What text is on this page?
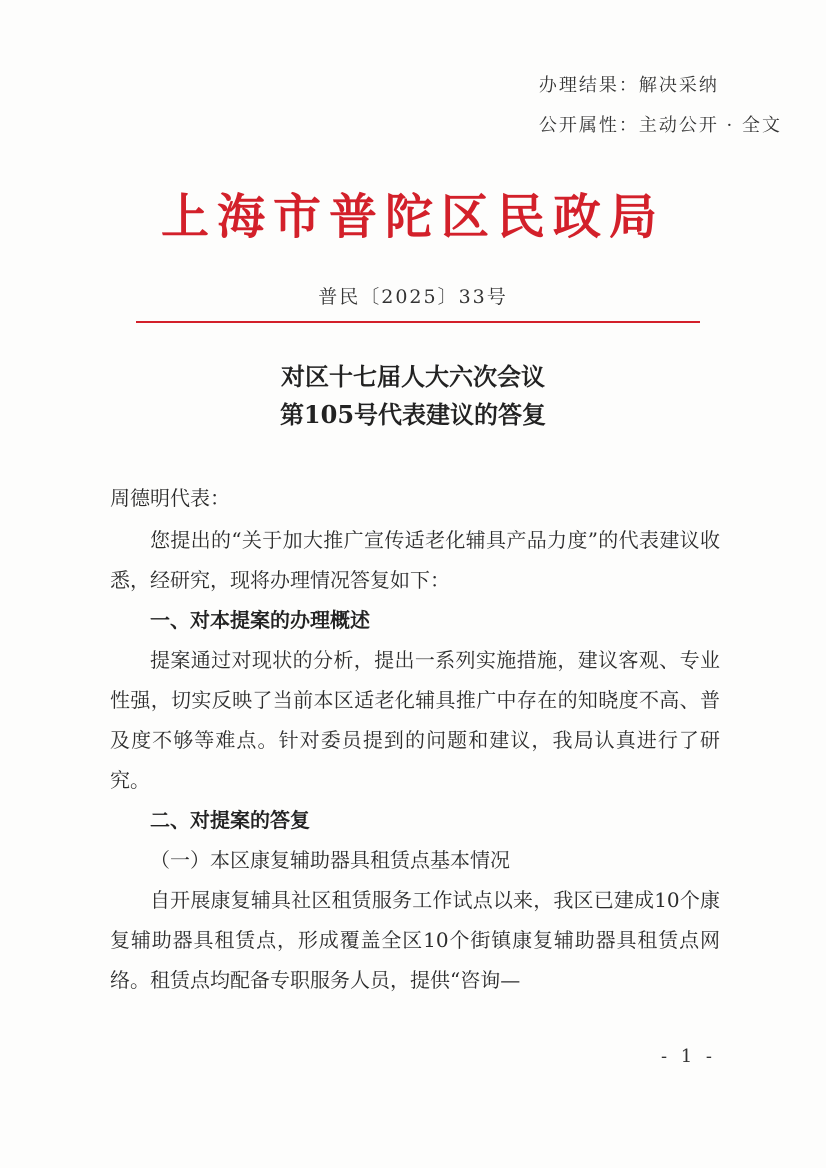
办理结果：解决采纳
公开属性：主动公开 · 全文
上海市普陀区民政局
普民〔2025〕33号
对区十七届人大六次会议
第105号代表建议的答复

周德明代表：

您提出的“关于加大推广宣传适老化辅具产品力度”的代表建议收悉，经研究，现将办理情况答复如下：

一、对本提案的办理概述

提案通过对现状的分析，提出一系列实施措施，建议客观、专业性强，切实反映了当前本区适老化辅具推广中存在的知晓度不高、普及度不够等难点。针对委员提到的问题和建议，我局认真进行了研究。

二、对提案的答复

（一）本区康复辅助器具租赁点基本情况

自开展康复辅具社区租赁服务工作试点以来，我区已建成10个康复辅助器具租赁点，形成覆盖全区10个街镇康复辅助器具租赁点网络。租赁点均配备专职服务人员，提供“咨询—

- 1 -
